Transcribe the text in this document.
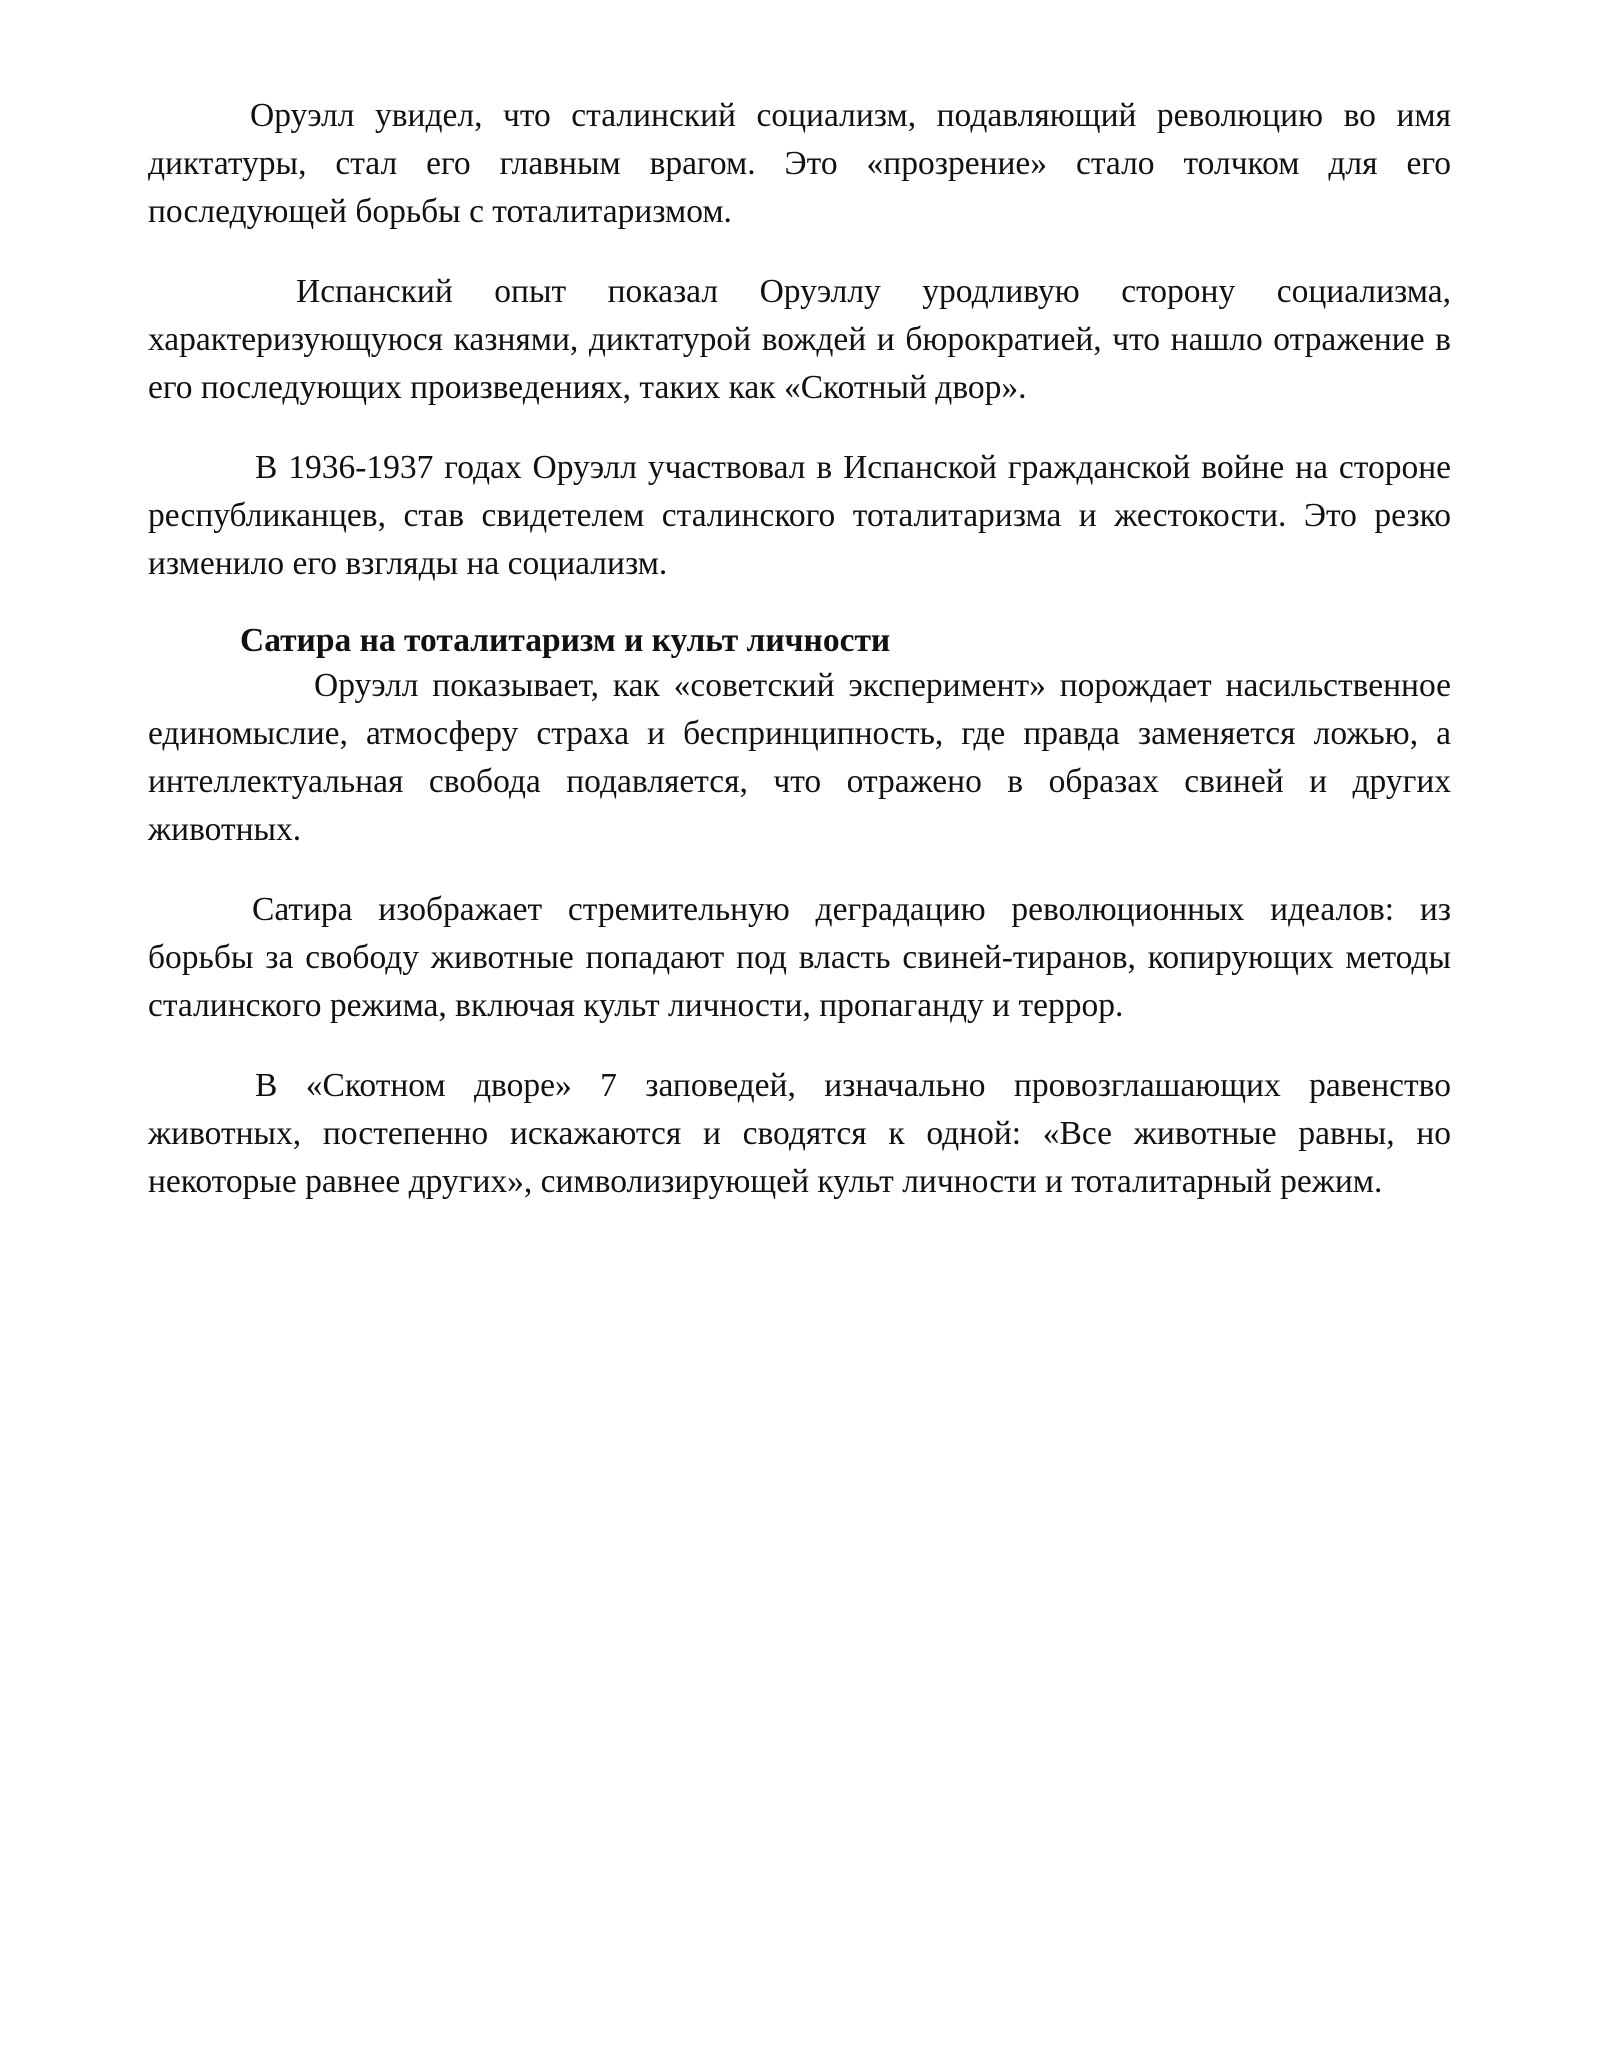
Оруэлл увидел, что сталинский социализм, подавляющий революцию во имя диктатуры, стал его главным врагом. Это «прозрение» стало толчком для его последующей борьбы с тоталитаризмом.

Испанский опыт показал Оруэллу уродливую сторону социализма, характеризующуюся казнями, диктатурой вождей и бюрократией, что нашло отражение в его последующих произведениях, таких как «Скотный двор».

В 1936-1937 годах Оруэлл участвовал в Испанской гражданской войне на стороне республиканцев, став свидетелем сталинского тоталитаризма и жестокости. Это резко изменило его взгляды на социализм.

Сатира на тоталитаризм и культ личности

Оруэлл показывает, как «советский эксперимент» порождает насильственное единомыслие, атмосферу страха и беспринципность, где правда заменяется ложью, а интеллектуальная свобода подавляется, что отражено в образах свиней и других животных.

Сатира изображает стремительную деградацию революционных идеалов: из борьбы за свободу животные попадают под власть свиней-тиранов, копирующих методы сталинского режима, включая культ личности, пропаганду и террор.

В «Скотном дворе» 7 заповедей, изначально провозглашающих равенство животных, постепенно искажаются и сводятся к одной: «Все животные равны, но некоторые равнее других», символизирующей культ личности и тоталитарный режим.
